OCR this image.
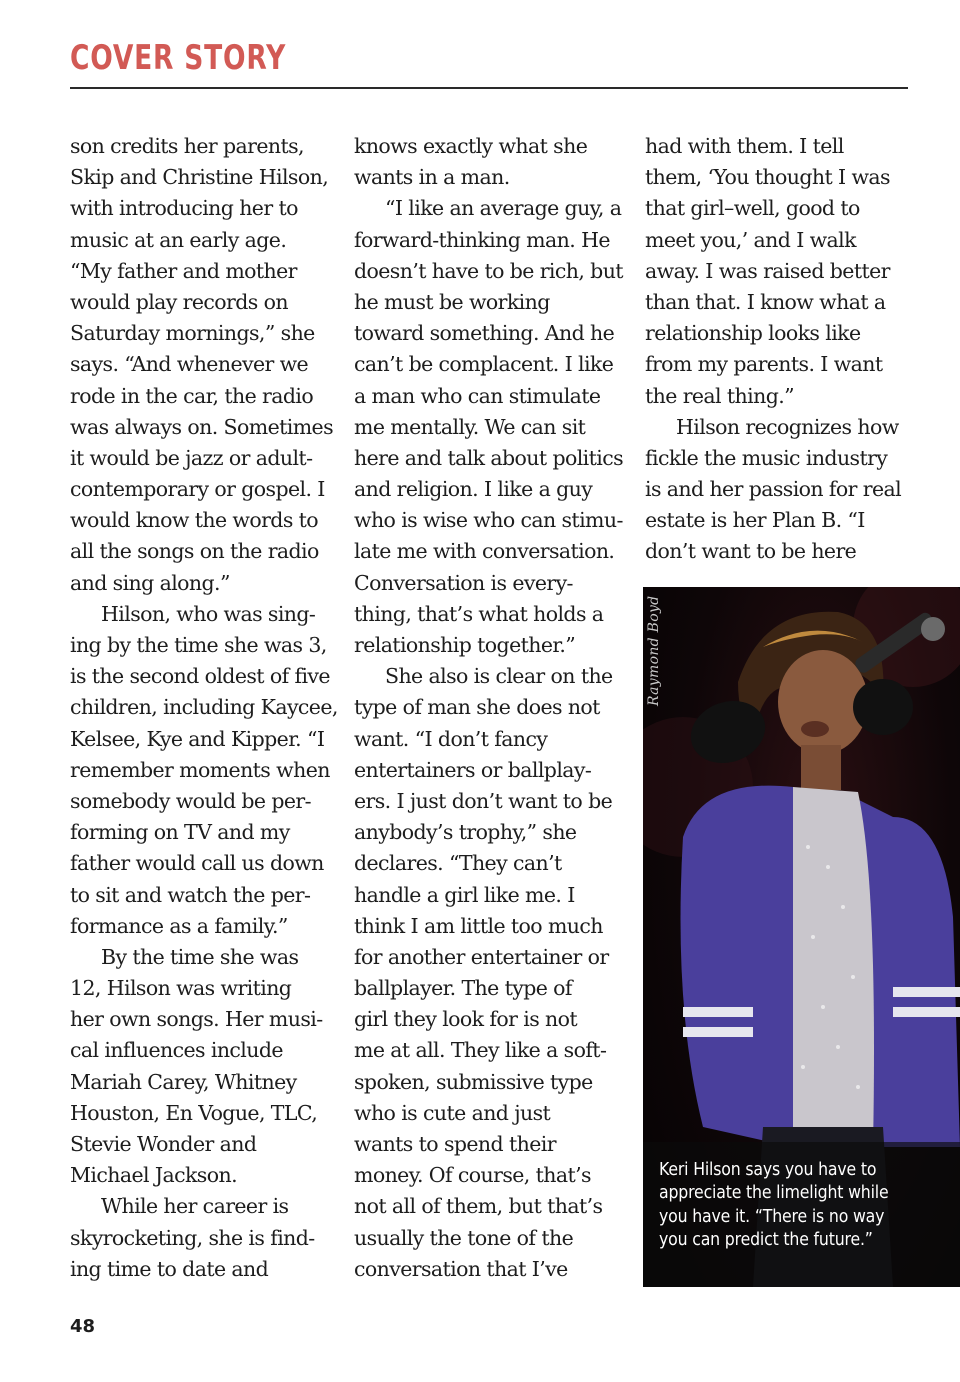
COVER STORY
son credits her parents,
Skip and Christine Hilson,
with introducing her to
music at an early age.
“My father and mother
would play records on
Saturday mornings,” she
says. “And whenever we
rode in the car, the radio
was always on. Sometimes
it would be jazz or adult-
contemporary or gospel. I
would know the words to
all the songs on the radio
and sing along.”
Hilson, who was sing-
ing by the time she was 3,
is the second oldest of five
children, including Kaycee,
Kelsee, Kye and Kipper. “I
remember moments when
somebody would be per-
forming on TV and my
father would call us down
to sit and watch the per-
formance as a family.”
By the time she was
12, Hilson was writing
her own songs. Her musi-
cal influences include
Mariah Carey, Whitney
Houston, En Vogue, TLC,
Stevie Wonder and
Michael Jackson.
While her career is
skyrocketing, she is find-
ing time to date and
knows exactly what she
wants in a man.
“I like an average guy, a
forward-thinking man. He
doesn’t have to be rich, but
he must be working
toward something. And he
can’t be complacent. I like
a man who can stimulate
me mentally. We can sit
here and talk about politics
and religion. I like a guy
who is wise who can stimu-
late me with conversation.
Conversation is every-
thing, that’s what holds a
relationship together.”
She also is clear on the
type of man she does not
want. “I don’t fancy
entertainers or ballplay-
ers. I just don’t want to be
anybody’s trophy,” she
declares. “They can’t
handle a girl like me. I
think I am little too much
for another entertainer or
ballplayer. The type of
girl they look for is not
me at all. They like a soft-
spoken, submissive type
who is cute and just
wants to spend their
money. Of course, that’s
not all of them, but that’s
usually the tone of the
conversation that I’ve
had with them. I tell
them, ‘You thought I was
that girl–well, good to
meet you,’ and I walk
away. I was raised better
than that. I know what a
relationship looks like
from my parents. I want
the real thing.”
Hilson recognizes how
fickle the music industry
is and her passion for real
estate is her Plan B. “I
don’t want to be here
Raymond Boyd
Keri Hilson says you have to
appreciate the limelight while
you have it. “There is no way
you can predict the future.”
48
